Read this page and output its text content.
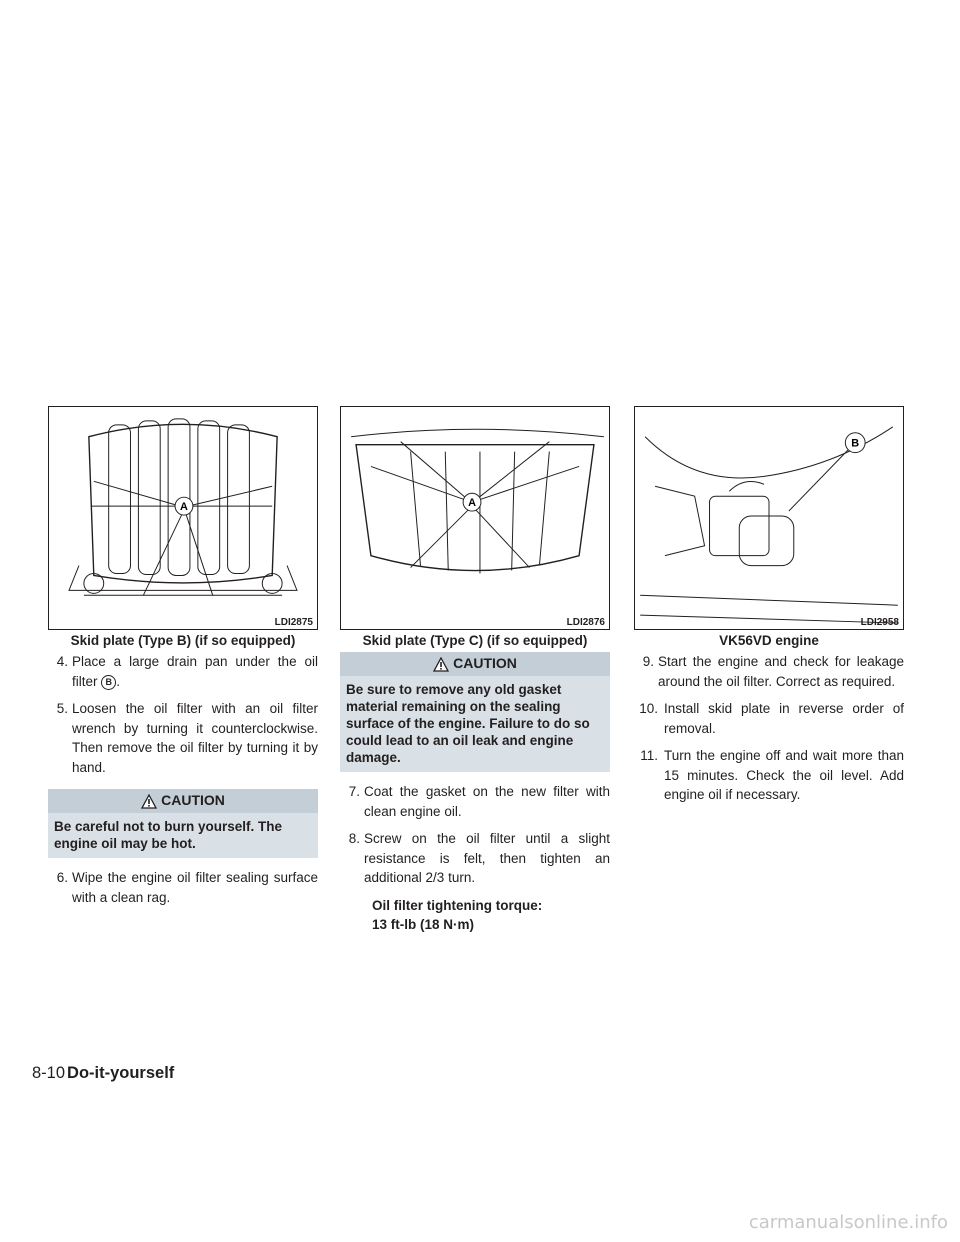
A
LDI2875
Skid plate (Type B) (if so equipped)
A
LDI2876
Skid plate (Type C) (if so equipped)
B
LDI2958
VK56VD engine
4. Place a large drain pan under the oil filter B .
5. Loosen the oil filter with an oil filter wrench by turning it counterclockwise. Then remove the oil filter by turning it by hand.
CAUTION
Be careful not to burn yourself. The engine oil may be hot.
6. Wipe the engine oil filter sealing surface with a clean rag.
CAUTION
Be sure to remove any old gasket material remaining on the sealing surface of the engine. Failure to do so could lead to an oil leak and engine damage.
7. Coat the gasket on the new filter with clean engine oil.
8. Screw on the oil filter until a slight resistance is felt, then tighten an additional 2/3 turn.
Oil filter tightening torque:
13 ft-lb (18 N·m)
9. Start the engine and check for leakage around the oil filter. Correct as required.
10. Install skid plate in reverse order of removal.
11. Turn the engine off and wait more than 15 minutes. Check the oil level. Add engine oil if necessary.
8-10 Do-it-yourself
carmanualsonline.info
